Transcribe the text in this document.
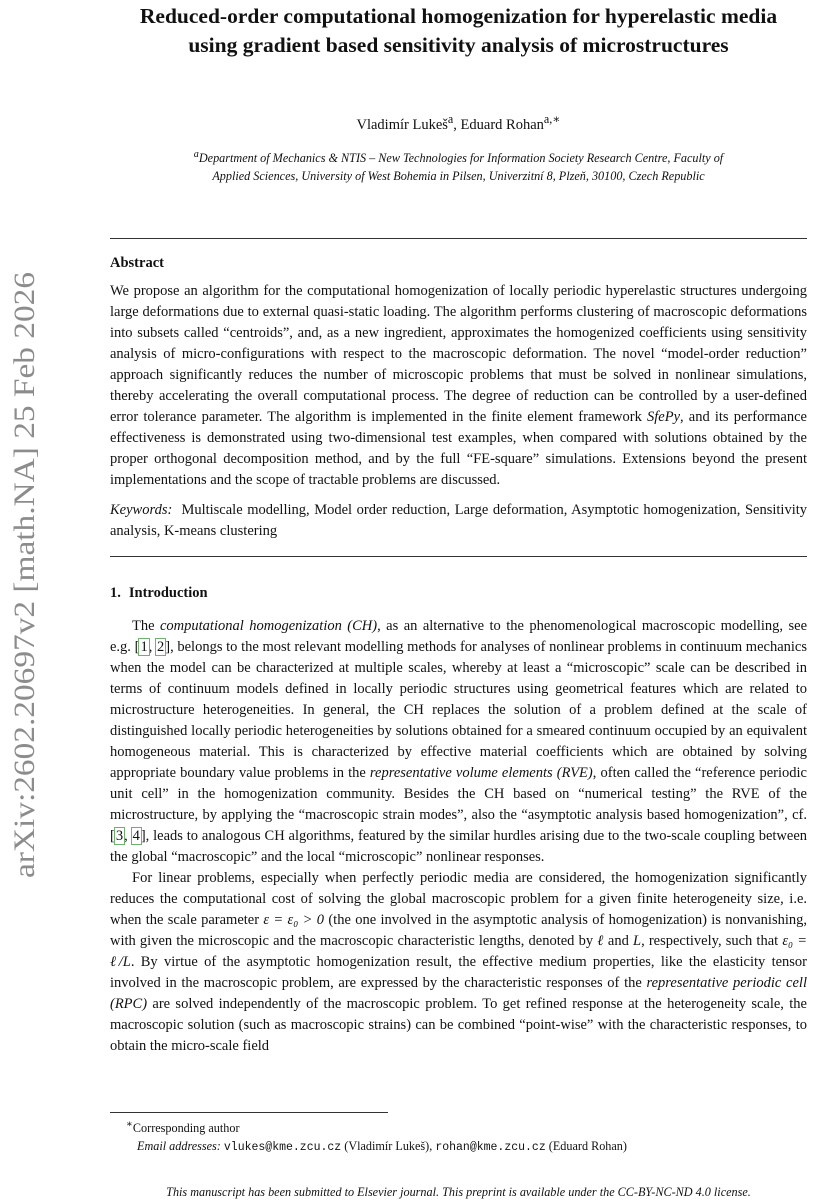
arXiv:2602.20697v2 [math.NA] 25 Feb 2026
Reduced-order computational homogenization for hyperelastic media
using gradient based sensitivity analysis of microstructures
Vladimír Lukeš$^a$, Eduard Rohan$^{a,∗}$
$^a$Department of Mechanics & NTIS – New Technologies for Information Society Research Centre, Faculty of
Applied Sciences, University of West Bohemia in Pilsen, Univerzitní 8, Plzeň, 30100, Czech Republic
Abstract

We propose an algorithm for the computational homogenization of locally periodic hyperelastic structures undergoing large deformations due to external quasi-static loading. The algorithm performs clustering of macroscopic deformations into subsets called “centroids”, and, as a new ingredient, approximates the homogenized coefficients using sensitivity analysis of micro-configurations with respect to the macroscopic deformation. The novel “model-order reduction” approach significantly reduces the number of microscopic problems that must be solved in nonlinear simulations, thereby accelerating the overall computational process. The degree of reduction can be controlled by a user-defined error tolerance parameter. The algorithm is implemented in the finite element framework SfePy, and its performance effectiveness is demonstrated using two-dimensional test examples, when compared with solutions obtained by the proper orthogonal decomposition method, and by the full “FE-square” simulations. Extensions beyond the present implementations and the scope of tractable problems are discussed.

Keywords: Multiscale modelling, Model order reduction, Large deformation, Asymptotic homogenization, Sensitivity analysis, K-means clustering

1. Introduction

The computational homogenization (CH), as an alternative to the phenomenological macroscopic modelling, see e.g. [1, 2], belongs to the most relevant modelling methods for analyses of nonlinear problems in continuum mechanics when the model can be characterized at multiple scales, whereby at least a “microscopic” scale can be described in terms of continuum models defined in locally periodic structures using geometrical features which are related to microstructure heterogeneities. In general, the CH replaces the solution of a problem defined at the scale of distinguished locally periodic heterogeneities by solutions obtained for a smeared continuum occupied by an equivalent homogeneous material. This is characterized by effective material coefficients which are obtained by solving appropriate boundary value problems in the representative volume elements (RVE), often called the “reference periodic unit cell” in the homogenization community. Besides the CH based on “numerical testing” the RVE of the microstructure, by applying the “macroscopic strain modes”, also the “asymptotic analysis based homogenization”, cf. [3, 4], leads to analogous CH algorithms, featured by the similar hurdles arising due to the two-scale coupling between the global “macroscopic” and the local “microscopic” nonlinear responses.

For linear problems, especially when perfectly periodic media are considered, the homogenization significantly reduces the computational cost of solving the global macroscopic problem for a given finite heterogeneity size, i.e. when the scale parameter ε = ε₀ > 0 (the one involved in the asymptotic analysis of homogenization) is nonvanishing, with given the microscopic and the macroscopic characteristic lengths, denoted by ℓ and L, respectively, such that ε₀ = ℓ/L. By virtue of the asymptotic homogenization result, the effective medium properties, like the elasticity tensor involved in the macroscopic problem, are expressed by the characteristic responses of the representative periodic cell (RPC) are solved independently of the macroscopic problem. To get refined response at the heterogeneity scale, the macroscopic solution (such as macroscopic strains) can be combined “point-wise” with the characteristic responses, to obtain the micro-scale field

∗Corresponding author
Email addresses: vlukes@kme.zcu.cz (Vladimír Lukeš), rohan@kme.zcu.cz (Eduard Rohan)
This manuscript has been submitted to Elsevier journal. This preprint is available under the CC-BY-NC-ND 4.0 license.
